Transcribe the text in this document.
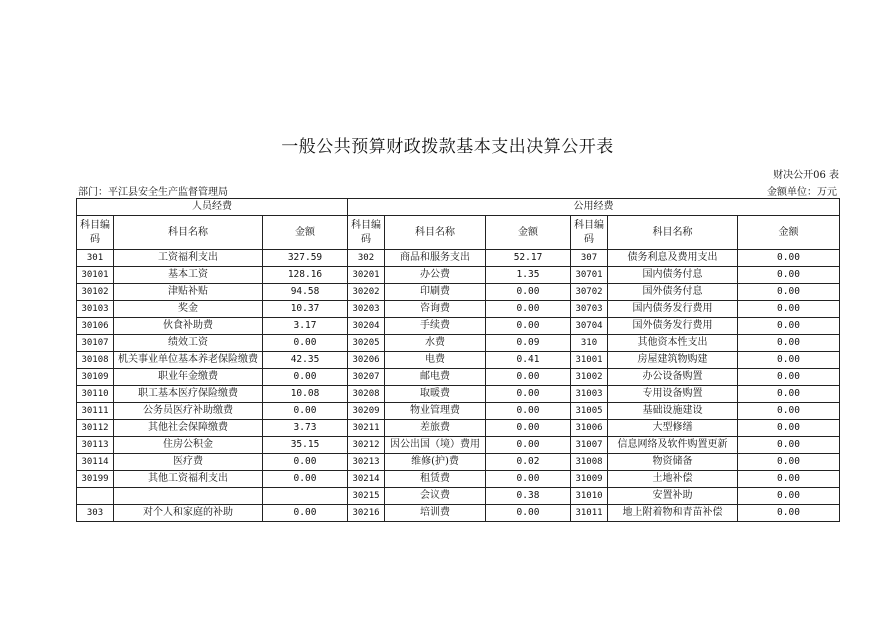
一般公共预算财政拨款基本支出决算公开表
财决公开06 表
部门：平江县安全生产监督管理局	金额单位：万元
人员经费			公用经费					
科目编码	科目名称	金额	科目编码	科目名称	金额	科目编码	科目名称	金额
301	工资福利支出	327.59	302	商品和服务支出	52.17	307	债务利息及费用支出	0.00
30101	基本工资	128.16	30201	办公费	1.35	30701	国内债务付息	0.00
30102	津贴补贴	94.58	30202	印刷费	0.00	30702	国外债务付息	0.00
30103	奖金	10.37	30203	咨询费	0.00	30703	国内债务发行费用	0.00
30106	伙食补助费	3.17	30204	手续费	0.00	30704	国外债务发行费用	0.00
30107	绩效工资	0.00	30205	水费	0.09	310	其他资本性支出	0.00
30108	机关事业单位基本养老保险缴费	42.35	30206	电费	0.41	31001	房屋建筑物购建	0.00
30109	职业年金缴费	0.00	30207	邮电费	0.00	31002	办公设备购置	0.00
30110	职工基本医疗保险缴费	10.08	30208	取暖费	0.00	31003	专用设备购置	0.00
30111	公务员医疗补助缴费	0.00	30209	物业管理费	0.00	31005	基础设施建设	0.00
30112	其他社会保障缴费	3.73	30211	差旅费	0.00	31006	大型修缮	0.00
30113	住房公积金	35.15	30212	因公出国（境）费用	0.00	31007	信息网络及软件购置更新	0.00
30114	医疗费	0.00	30213	维修(护)费	0.02	31008	物资储备	0.00
30199	其他工资福利支出	0.00	30214	租赁费	0.00	31009	土地补偿	0.00
			30215	会议费	0.38	31010	安置补助	0.00
303	对个人和家庭的补助	0.00	30216	培训费	0.00	31011	地上附着物和青苗补偿	0.00
